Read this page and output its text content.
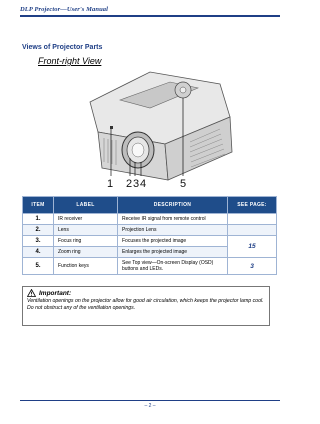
DLP Projector—User's Manual
Views of Projector Parts
Front-right View
1 2 3 4	5
ITEM	LABEL	DESCRIPTION	SEE PAGE:
1.	IR receiver	Receive IR signal from remote control	
2.	Lens	Projection Lens	
3.	Focus ring	Focuses the projected image	15
4.	Zoom ring	Enlarges the projected image	
5.	Function keys	See Top view—On-screen Display (OSD) buttons and LEDs.	3
Important:
Ventilation openings on the projector allow for good air circulation, which keeps the projector lamp cool. Do not obstruct any of the ventilation openings.
– 2 –
